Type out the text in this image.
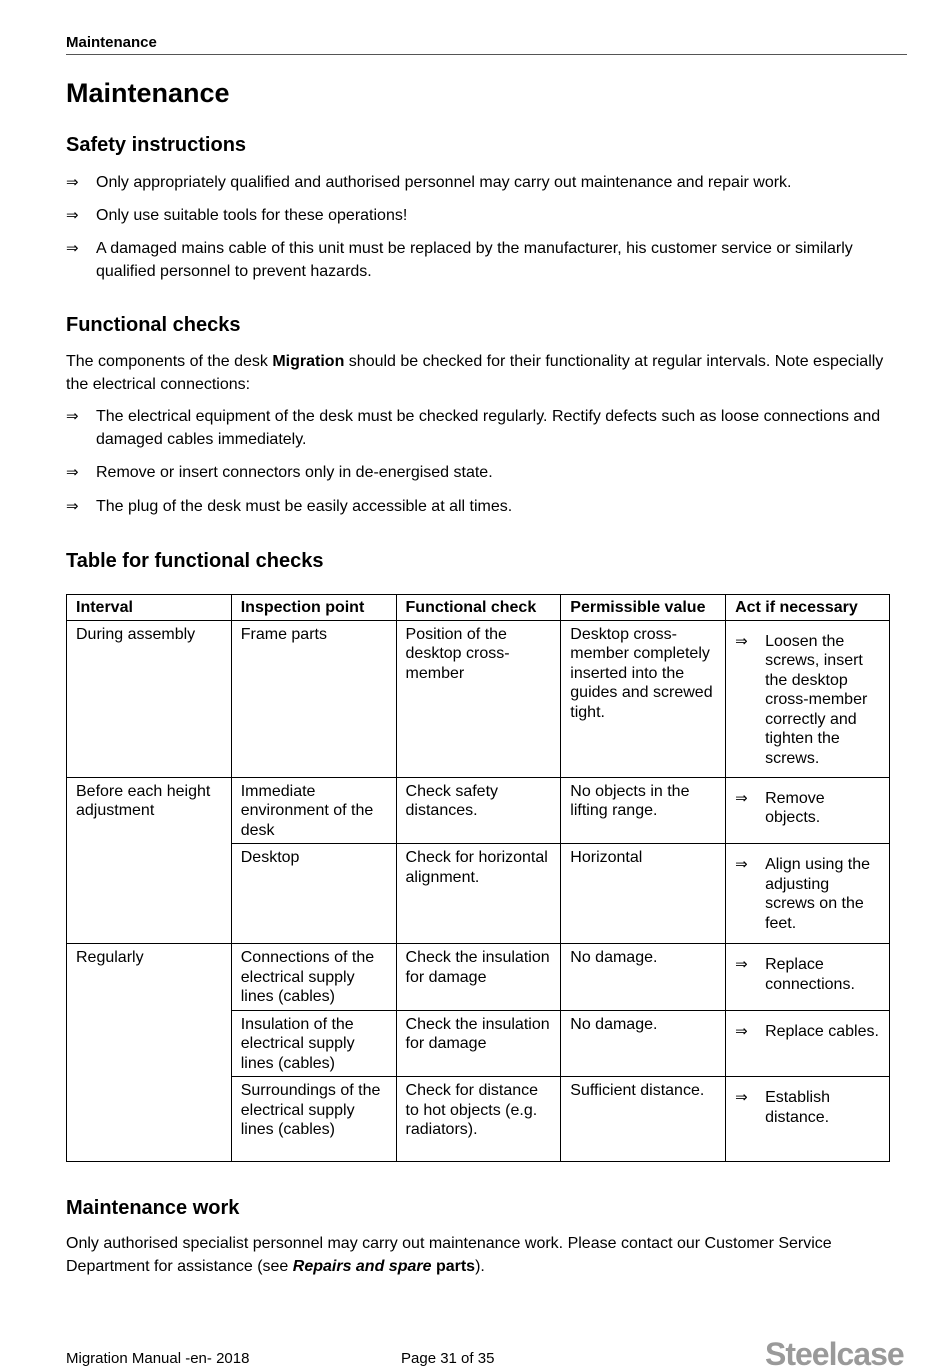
Maintenance
Maintenance
Safety instructions
⇒ Only appropriately qualified and authorised personnel may carry out maintenance and repair work.
⇒ Only use suitable tools for these operations!
⇒ A damaged mains cable of this unit must be replaced by the manufacturer, his customer service or similarly qualified personnel to prevent hazards.
Functional checks

The components of the desk Migration should be checked for their functionality at regular intervals. Note especially the electrical connections:

⇒ The electrical equipment of the desk must be checked regularly. Rectify defects such as loose connections and damaged cables immediately.
⇒ Remove or insert connectors only in de-energised state.
⇒ The plug of the desk must be easily accessible at all times.
Table for functional checks
Interval	Inspection point	Functional check	Permissible value	Act if necessary
During assembly	Frame parts	Position of the desktop cross-member	Desktop cross-member completely inserted into the guides and screwed tight.	⇒ Loosen the screws, insert the desktop cross-member correctly and tighten the screws.

Before each height adjustment	Immediate environment of the desk	Check safety distances.	No objects in the lifting range.	⇒ Remove objects.

	Desktop	Check for horizontal alignment.	Horizontal	⇒ Align using the adjusting screws on the feet.

Regularly	Connections of the electrical supply lines (cables)	Check the insulation for damage	No damage.	⇒ Replace connections.

	Insulation of the electrical supply lines (cables)	Check the insulation for damage	No damage.	⇒ Replace cables.

	Surroundings of the electrical supply lines (cables)	Check for distance to hot objects (e.g. radiators).	Sufficient distance.	⇒ Establish distance.
Maintenance work

Only authorised specialist personnel may carry out maintenance work. Please contact our Customer Service Department for assistance (see Repairs and spare parts).

Migration Manual -en- 2018	Page 31 of 35	Steelcase
